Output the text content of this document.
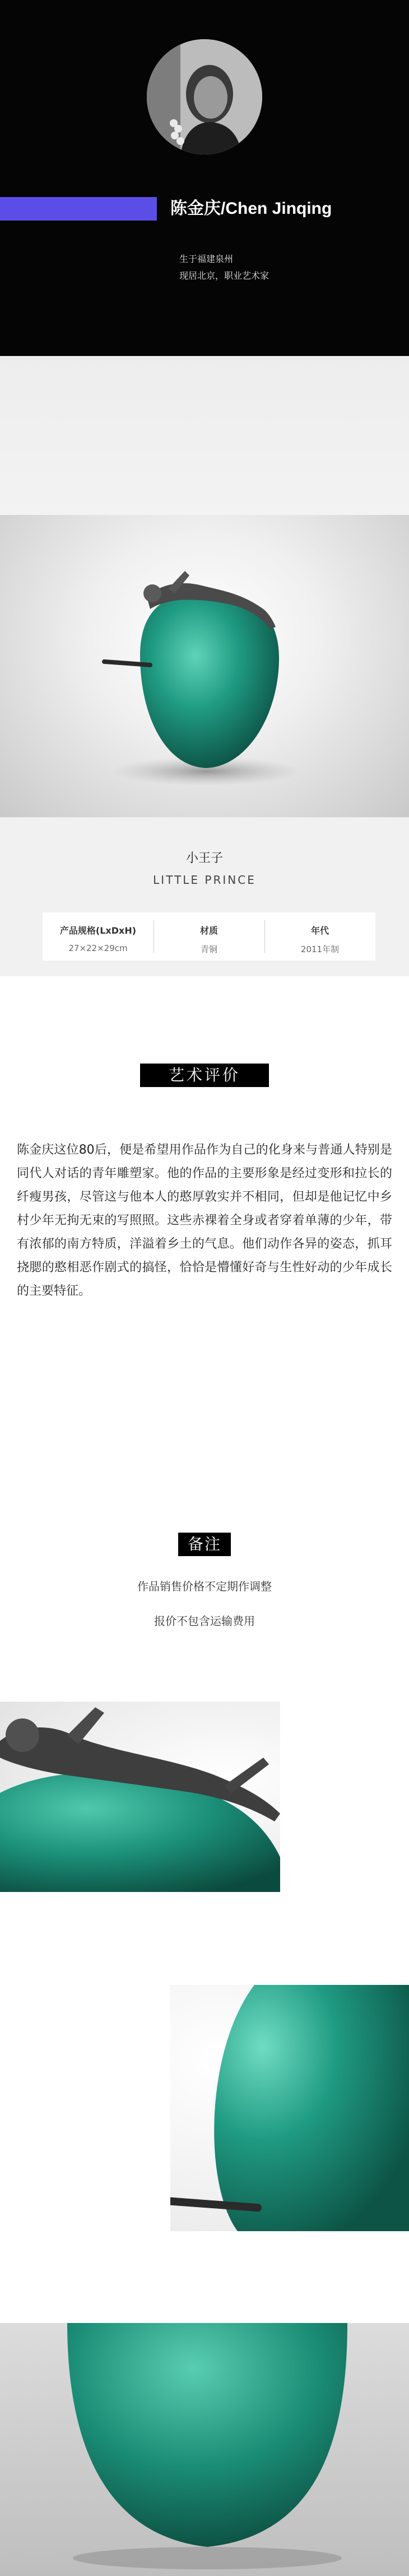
陈金庆/Chen Jinqing
生于福建泉州
现居北京，职业艺术家
小王子
LITTLE PRINCE
产品规格(LxDxH)
27×22×29cm
材质
青铜
年代
2011年制
艺术评价

陈金庆这位80后，便是希望用作品作为自己的化身来与普通人特别是同代人对话的青年雕塑家。他的作品的主要形象是经过变形和拉长的纤瘦男孩，尽管这与他本人的憨厚敦实并不相同，但却是他记忆中乡村少年无拘无束的写照照。这些赤裸着全身或者穿着单薄的少年，带有浓郁的南方特质，洋溢着乡土的气息。他们动作各异的姿态，抓耳挠腮的憨相恶作剧式的搞怪，恰恰是懵懂好奇与生性好动的少年成长的主要特征。

备注
作品销售价格不定期作调整
报价不包含运输费用
